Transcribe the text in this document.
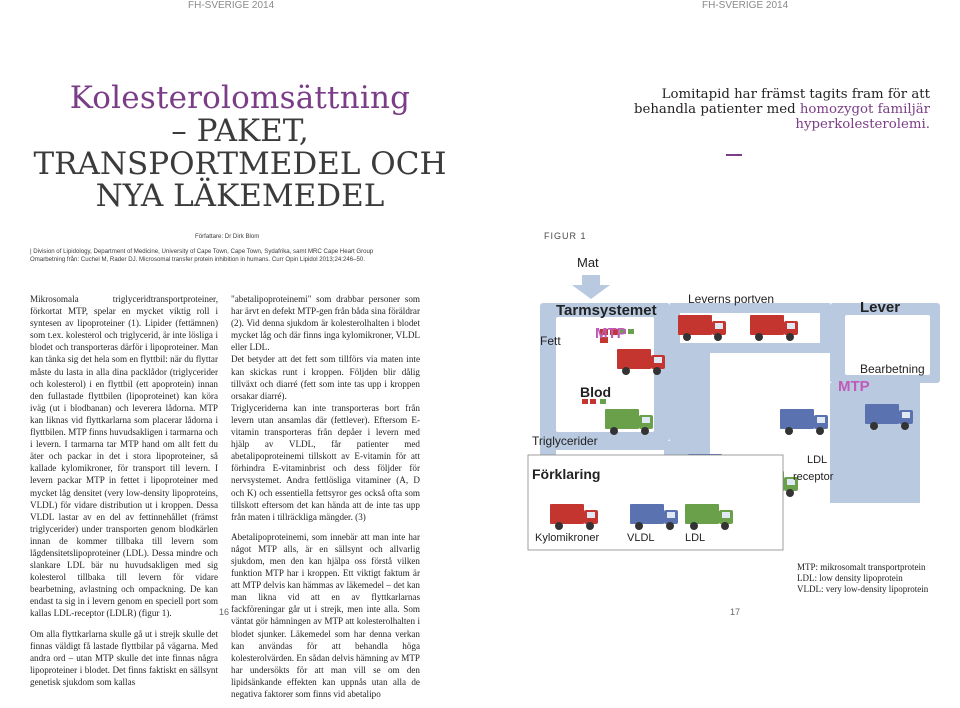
FH-SVERIGE 2014	FH-SVERIGE 2014
Kolesterolomsättning
– PAKET,
TRANSPORTMEDEL OCH
NYA LÄKEMEDEL
Författare: Dr Dirk Blom
| Division of Lipidology, Department of Medicine, University of Cape Town, Cape Town, Sydafrika, samt MRC Cape Heart Group
Omarbetning från: Cuchel M, Rader DJ. Microsomal transfer protein inhibition in humans. Curr Opin Lipidol 2013;24:246–50.
Lomitapid har främst tagits fram för att
behandla patienter med homozygot familjär hyperkolesterolemi.
FIGUR 1

Mikrosomala triglyceridtransportproteiner, förkortat MTP, spelar en mycket viktig roll i syntesen av lipoproteiner (1). Lipider (fettämnen) som t.ex. kolesterol och triglycerid, är inte lösliga i blodet och transporteras därför i lipoproteiner. Man kan tänka sig det hela som en flyttbil: när du flyttar måste du lasta in alla dina packlådor (triglycerider och kolesterol) i en flyttbil (ett apoprotein) innan den fullastade flyttbilen (lipoproteinet) kan köra iväg (ut i blodbanan) och leverera lådorna. MTP kan liknas vid flyttkarlarna som placerar lådorna i flyttbilen. MTP finns huvudsakligen i tarmarna och i levern. I tarmarna tar MTP hand om allt fett du äter och packar in det i stora lipoproteiner, så kallade kylomikroner, för transport till levern. I levern packar MTP in fettet i lipoproteiner med mycket låg densitet (very low-density lipoproteins, VLDL) för vidare distribution ut i kroppen. Dessa VLDL lastar av en del av fettinnehållet (främst triglycerider) under transporten genom blodkärlen innan de kommer tillbaka till levern som lågdensitetslipoproteiner (LDL). Dessa mindre och slankare LDL bär nu huvudsakligen med sig kolesterol tillbaka till levern för vidare bearbetning, avlastning och ompackning. De kan endast ta sig in i levern genom en speciell port som kallas LDL-receptor (LDLR) (figur 1).

Om alla flyttkarlarna skulle gå ut i strejk skulle det finnas väldigt få lastade flyttbilar på vägarna. Med andra ord – utan MTP skulle det inte finnas några lipoproteiner i blodet. Det finns faktiskt en sällsynt genetisk sjukdom som kallas

"abetalipoproteinemi" som drabbar personer som har ärvt en defekt MTP-gen från båda sina föräldrar (2). Vid denna sjukdom är kolesterolhalten i blodet mycket låg och där finns inga kylomikroner, VLDL eller LDL.

Det betyder att det fett som tillförs via maten inte kan skickas runt i kroppen. Följden blir dålig tillväxt och diarré (fett som inte tas upp i kroppen orsakar diarré).

Triglyceriderna kan inte transporteras bort från levern utan ansamlas där (fettlever). Eftersom E-vitamin transporteras från depåer i levern med hjälp av VLDL, får patienter med abetalipoproteinemi tillskott av E-vitamin för att förhindra E-vitaminbrist och dess följder för nervsystemet. Andra fettlösliga vitaminer (A, D och K) och essentiella fettsyror ges också ofta som tillskott eftersom det kan hända att de inte tas upp från maten i tillräckliga mängder. (3)

Abetalipoproteinemi, som innebär att man inte har något MTP alls, är en sällsynt och allvarlig sjukdom, men den kan hjälpa oss förstå vilken funktion MTP har i kroppen. Ett viktigt faktum är att MTP delvis kan hämmas av läkemedel – det kan man likna vid att en av flyttkarlarnas fackföreningar går ut i strejk, men inte alla. Som väntat gör hämningen av MTP att kolesterolhalten i blodet sjunker. Läkemedel som har denna verkan kan användas för att behandla höga kolesterolvärden. En sådan delvis hämning av MTP har undersökts för att man vill se om den lipidsänkande effekten kan uppnås utan alla de negativa faktorer som finns vid abetalipo

Mat
Tarmsystemet
Leverns portven	Lever
Fett MTP
MTP
Bearbetning
Blod
Triglycerider
Förklaring
Kylomikroner	VLDL	LDL
LDL
receptor
MTP: mikrosomalt transportprotein
LDL: low density lipoprotein
VLDL: very low-density lipoprotein
16	17
